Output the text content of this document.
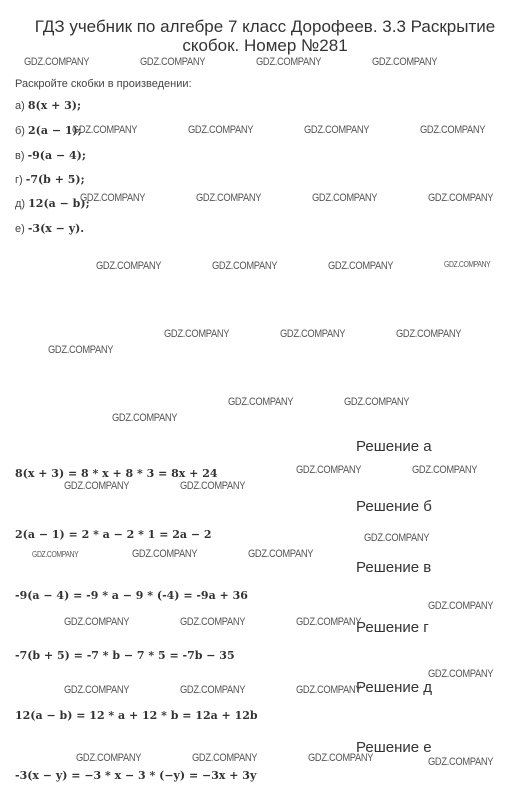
ГДЗ учебник по алгебре 7 класс Дорофеев. 3.3 Раскрытие скобок. Номер №281
Раскройте скобки в произведении:
а) 8(x + 3);
б) 2(a − 1);
в) -9(a − 4);
г) -7(b + 5);
д) 12(a − b);
е) -3(x − y).
Решение а
8(x + 3) = 8 * x + 8 * 3 = 8x + 24
Решение б
2(a − 1) = 2 * a − 2 * 1 = 2a − 2
Решение в
-9(a − 4) = -9 * a − 9 * (-4) = -9a + 36
Решение г
-7(b + 5) = -7 * b − 7 * 5 = -7b − 35
Решение д
12(a − b) = 12 * a + 12 * b = 12a + 12b
Решение е
-3(x − y) = −3 * x − 3 * (−y) = −3x + 3y
GDZ.COMPANY	GDZ.COMPANY	GDZ.COMPANY	GDZ.COMPANY
GDZ.COMPANY	GDZ.COMPANY	GDZ.COMPANY	GDZ.COMPANY
GDZ.COMPANY	GDZ.COMPANY	GDZ.COMPANY	GDZ.COMPANY
GDZ.COMPANY	GDZ.COMPANY	GDZ.COMPANY	GDZ.COMPANY
GDZ.COMPANY	GDZ.COMPANY	GDZ.COMPANY
GDZ.COMPANY
GDZ.COMPANY	GDZ.COMPANY
GDZ.COMPANY
GDZ.COMPANY	GDZ.COMPANY
GDZ.COMPANY	GDZ.COMPANY
GDZ.COMPANY
GDZ.COMPANY	GDZ.COMPANY	GDZ.COMPANY
GDZ.COMPANY
GDZ.COMPANY	GDZ.COMPANY	GDZ.COMPANY
GDZ.COMPANY
GDZ.COMPANY	GDZ.COMPANY	GDZ.COMPANY
GDZ.COMPANY	GDZ.COMPANY	GDZ.COMPANY	GDZ.COMPANY
